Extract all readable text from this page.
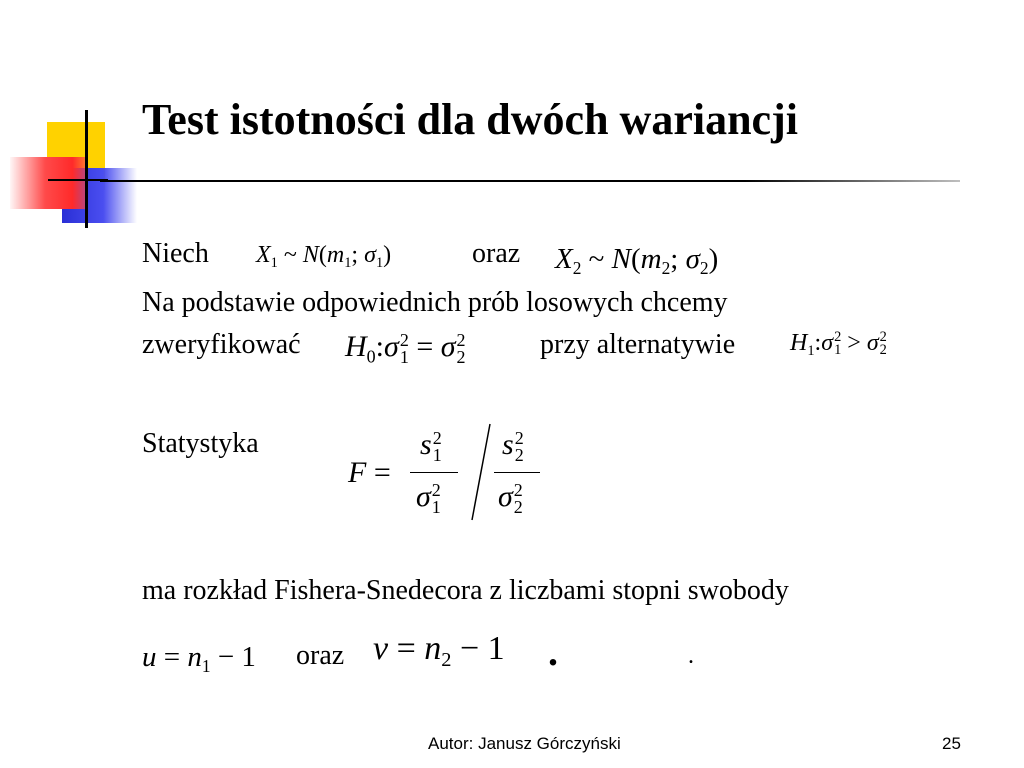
Test istotności dla dwóch wariancji
Niech $X_1$ ~ $N(m_1$; $\sigma_1$)	oraz $X_2$ ~ $N(m_2$; $\sigma_2$)
Na podstawie odpowiednich prób losowych chcemy
zweryfikować $H_0:\sigma$ 2
1 = σ 2
2	przy alternatywie $H_1:\sigma$ 2
1 > σ 2
2
Statystyka
F =
s 2
1
σ 2
1
s 2
2
σ 2
2
ma rozkład Fishera-Snedecora z liczbami stopni swobody
$u = n_1 - 1$ oraz $v = n_2 - 1$ .	.
Autor: Janusz Górczyński	25
